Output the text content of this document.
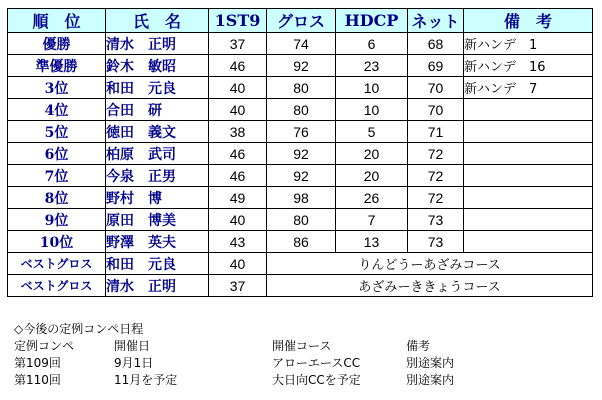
順　位	氏　名	1ST9	グロス	HDCP	ネット	備　考
優勝	清水　正明	37	74	6	68	新ハンデ　1
準優勝	鈴木　敏昭	46	92	23	69	新ハンデ　16
3位	和田　元良	40	80	10	70	新ハンデ　7
4位	合田　研	40	80	10	70	
5位	徳田　義文	38	76	5	71	
6位	柏原　武司	46	92	20	72	
7位	今泉　正男	46	92	20	72	
8位	野村　博	49	98	26	72	
9位	原田　博美	40	80	7	73	
10位	野澤　英夫	43	86	13	73	
ベストグロス	和田　元良	40	りんどうーあざみコース			
ベストグロス	清水　正明	37	あざみーききょうコース			
◇今後の定例コンペ日程
定例コンペ	開催日	開催コース	備考
第109回	9月1日	アローエースCC	別途案内
第110回	11月を予定	大日向CCを予定	別途案内
